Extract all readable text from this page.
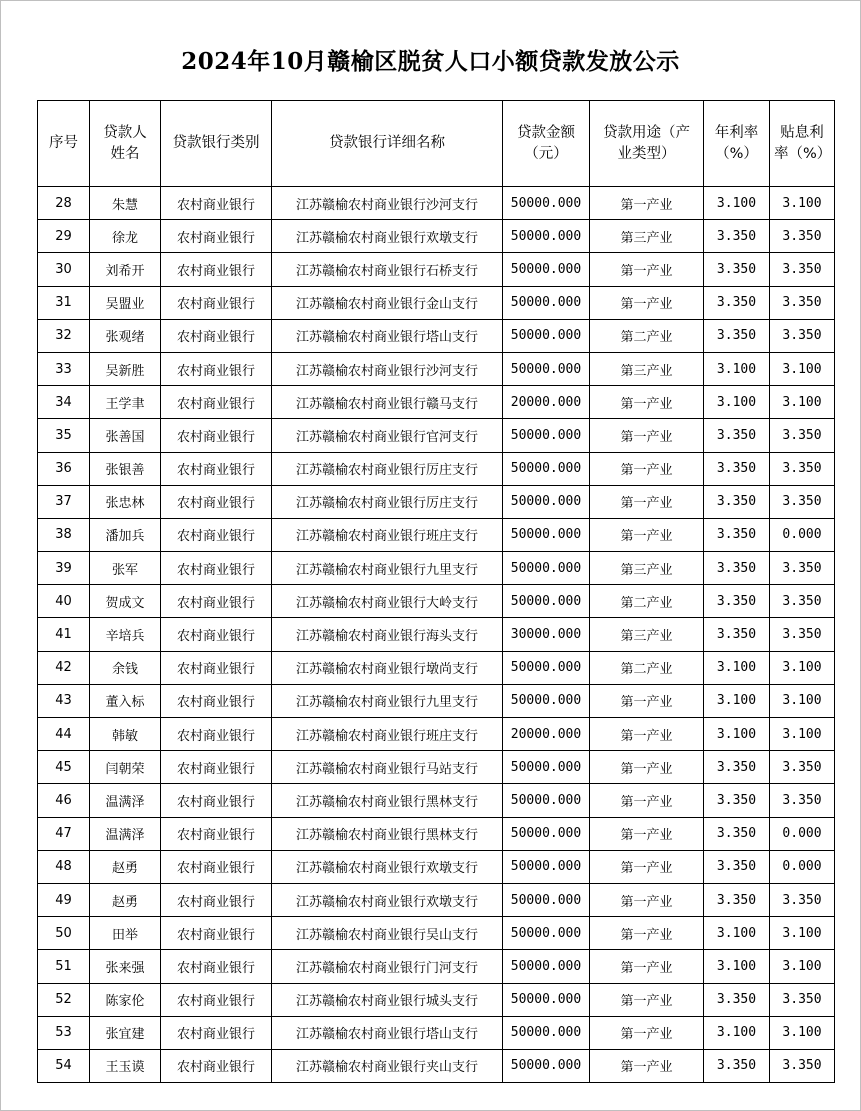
2024年10月赣榆区脱贫人口小额贷款发放公示
序号	贷款人姓名	贷款银行类别	贷款银行详细名称	贷款金额（元）	贷款用途（产业类型）	年利率（%）	贴息利率（%）
28	朱慧	农村商业银行	江苏赣榆农村商业银行沙河支行	50000.000	第一产业	3.100	3.100
29	徐龙	农村商业银行	江苏赣榆农村商业银行欢墩支行	50000.000	第三产业	3.350	3.350
30	刘希开	农村商业银行	江苏赣榆农村商业银行石桥支行	50000.000	第一产业	3.350	3.350
31	吴盟业	农村商业银行	江苏赣榆农村商业银行金山支行	50000.000	第一产业	3.350	3.350
32	张观绪	农村商业银行	江苏赣榆农村商业银行塔山支行	50000.000	第二产业	3.350	3.350
33	吴新胜	农村商业银行	江苏赣榆农村商业银行沙河支行	50000.000	第三产业	3.100	3.100
34	王学聿	农村商业银行	江苏赣榆农村商业银行赣马支行	20000.000	第一产业	3.100	3.100
35	张善国	农村商业银行	江苏赣榆农村商业银行官河支行	50000.000	第一产业	3.350	3.350
36	张银善	农村商业银行	江苏赣榆农村商业银行厉庄支行	50000.000	第一产业	3.350	3.350
37	张忠林	农村商业银行	江苏赣榆农村商业银行厉庄支行	50000.000	第一产业	3.350	3.350
38	潘加兵	农村商业银行	江苏赣榆农村商业银行班庄支行	50000.000	第一产业	3.350	0.000
39	张军	农村商业银行	江苏赣榆农村商业银行九里支行	50000.000	第三产业	3.350	3.350
40	贺成文	农村商业银行	江苏赣榆农村商业银行大岭支行	50000.000	第二产业	3.350	3.350
41	辛培兵	农村商业银行	江苏赣榆农村商业银行海头支行	30000.000	第三产业	3.350	3.350
42	余钱	农村商业银行	江苏赣榆农村商业银行墩尚支行	50000.000	第二产业	3.100	3.100
43	董入标	农村商业银行	江苏赣榆农村商业银行九里支行	50000.000	第一产业	3.100	3.100
44	韩敏	农村商业银行	江苏赣榆农村商业银行班庄支行	20000.000	第一产业	3.100	3.100
45	闫朝荣	农村商业银行	江苏赣榆农村商业银行马站支行	50000.000	第一产业	3.350	3.350
46	温满泽	农村商业银行	江苏赣榆农村商业银行黑林支行	50000.000	第一产业	3.350	3.350
47	温满泽	农村商业银行	江苏赣榆农村商业银行黑林支行	50000.000	第一产业	3.350	0.000
48	赵勇	农村商业银行	江苏赣榆农村商业银行欢墩支行	50000.000	第一产业	3.350	0.000
49	赵勇	农村商业银行	江苏赣榆农村商业银行欢墩支行	50000.000	第一产业	3.350	3.350
50	田举	农村商业银行	江苏赣榆农村商业银行吴山支行	50000.000	第一产业	3.100	3.100
51	张来强	农村商业银行	江苏赣榆农村商业银行门河支行	50000.000	第一产业	3.100	3.100
52	陈家伦	农村商业银行	江苏赣榆农村商业银行城头支行	50000.000	第一产业	3.350	3.350
53	张宜建	农村商业银行	江苏赣榆农村商业银行塔山支行	50000.000	第一产业	3.100	3.100
54	王玉谟	农村商业银行	江苏赣榆农村商业银行夹山支行	50000.000	第一产业	3.350	3.350
